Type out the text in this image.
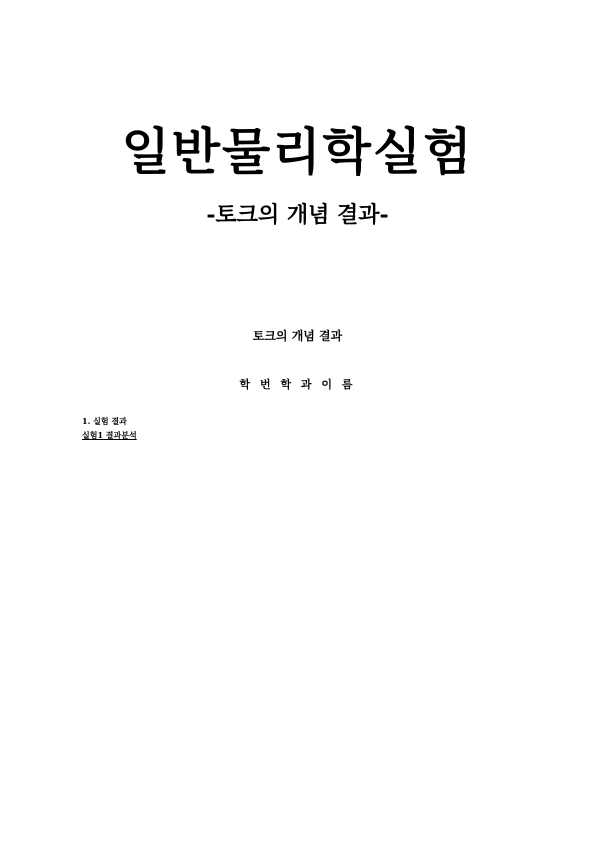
일반물리학실험
-토크의 개념 결과-
토크의 개념 결과
학 번 학 과 이 름

1. 실험 결과

실험1 결과분석
